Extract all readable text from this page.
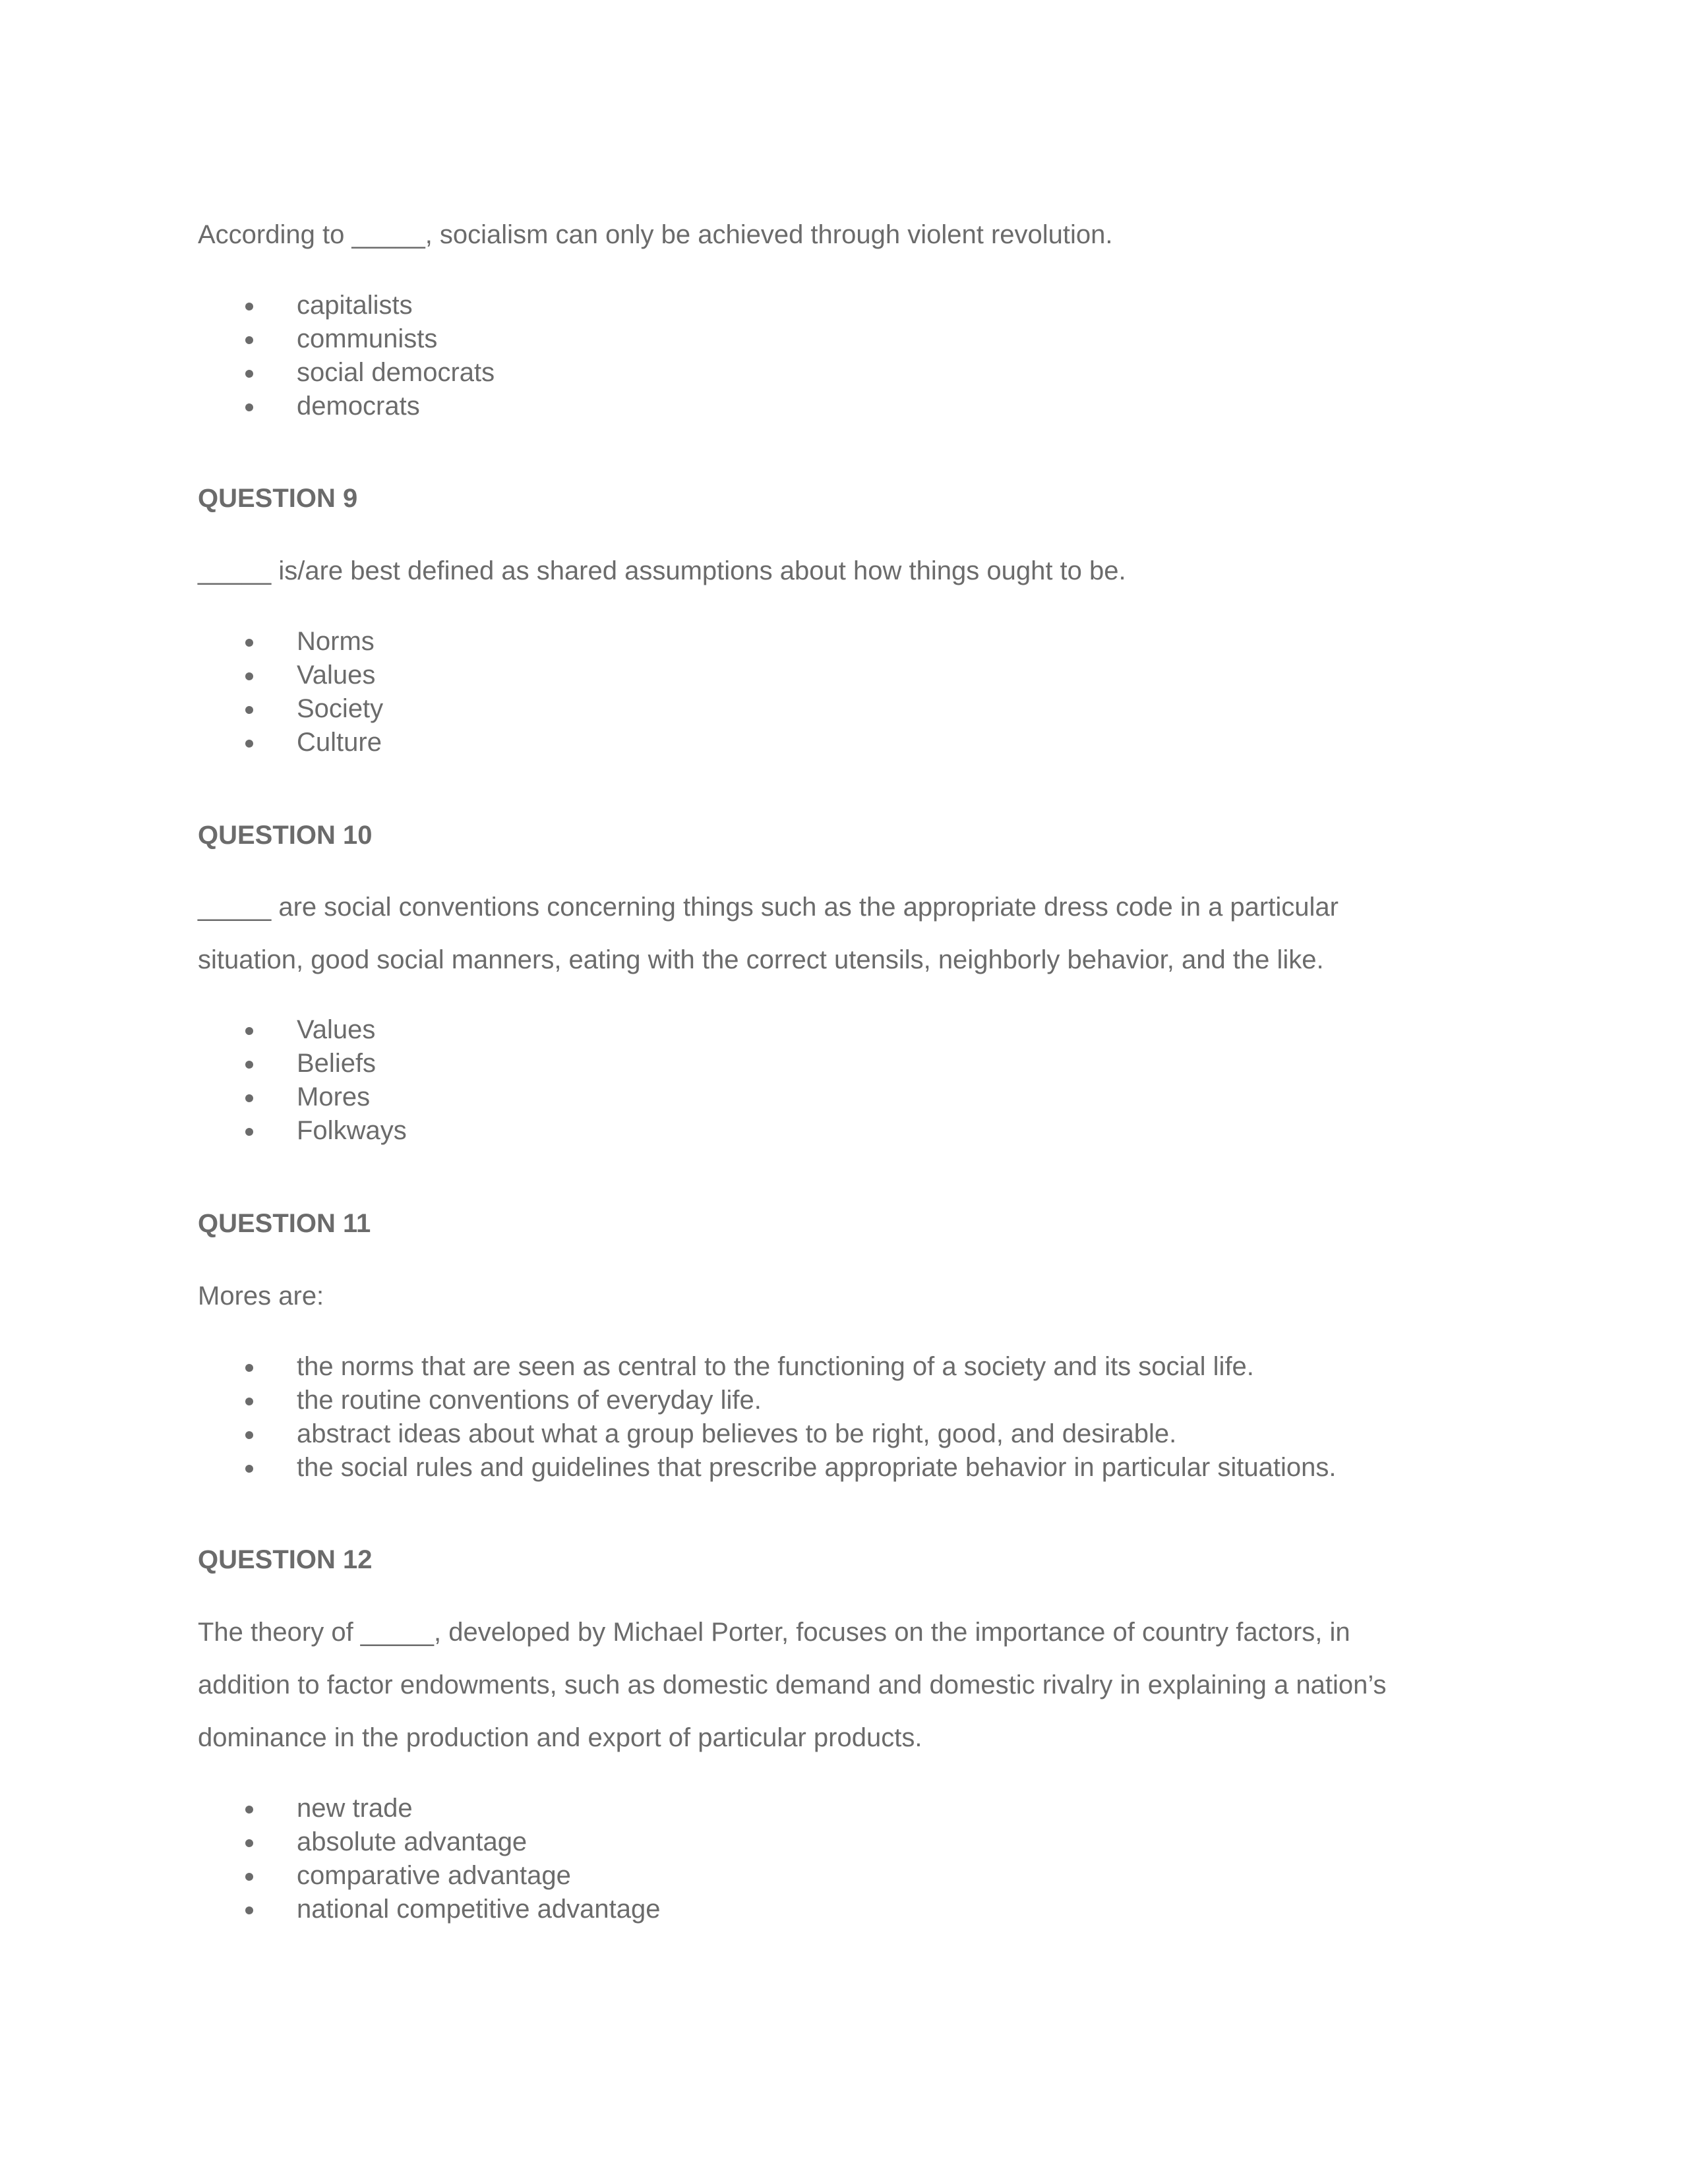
According to _____, socialism can only be achieved through violent revolution.

capitalists
communists
social democrats
democrats
QUESTION 9

_____ is/are best defined as shared assumptions about how things ought to be.

Norms
Values
Society
Culture
QUESTION 10

_____ are social conventions concerning things such as the appropriate dress code in a particular

situation, good social manners, eating with the correct utensils, neighborly behavior, and the like.

Values
Beliefs
Mores
Folkways
QUESTION 11

Mores are:

the norms that are seen as central to the functioning of a society and its social life.
the routine conventions of everyday life.
abstract ideas about what a group believes to be right, good, and desirable.
the social rules and guidelines that prescribe appropriate behavior in particular situations.
QUESTION 12

The theory of _____, developed by Michael Porter, focuses on the importance of country factors, in

addition to factor endowments, such as domestic demand and domestic rivalry in explaining a nation’s

dominance in the production and export of particular products.

new trade
absolute advantage
comparative advantage
national competitive advantage
